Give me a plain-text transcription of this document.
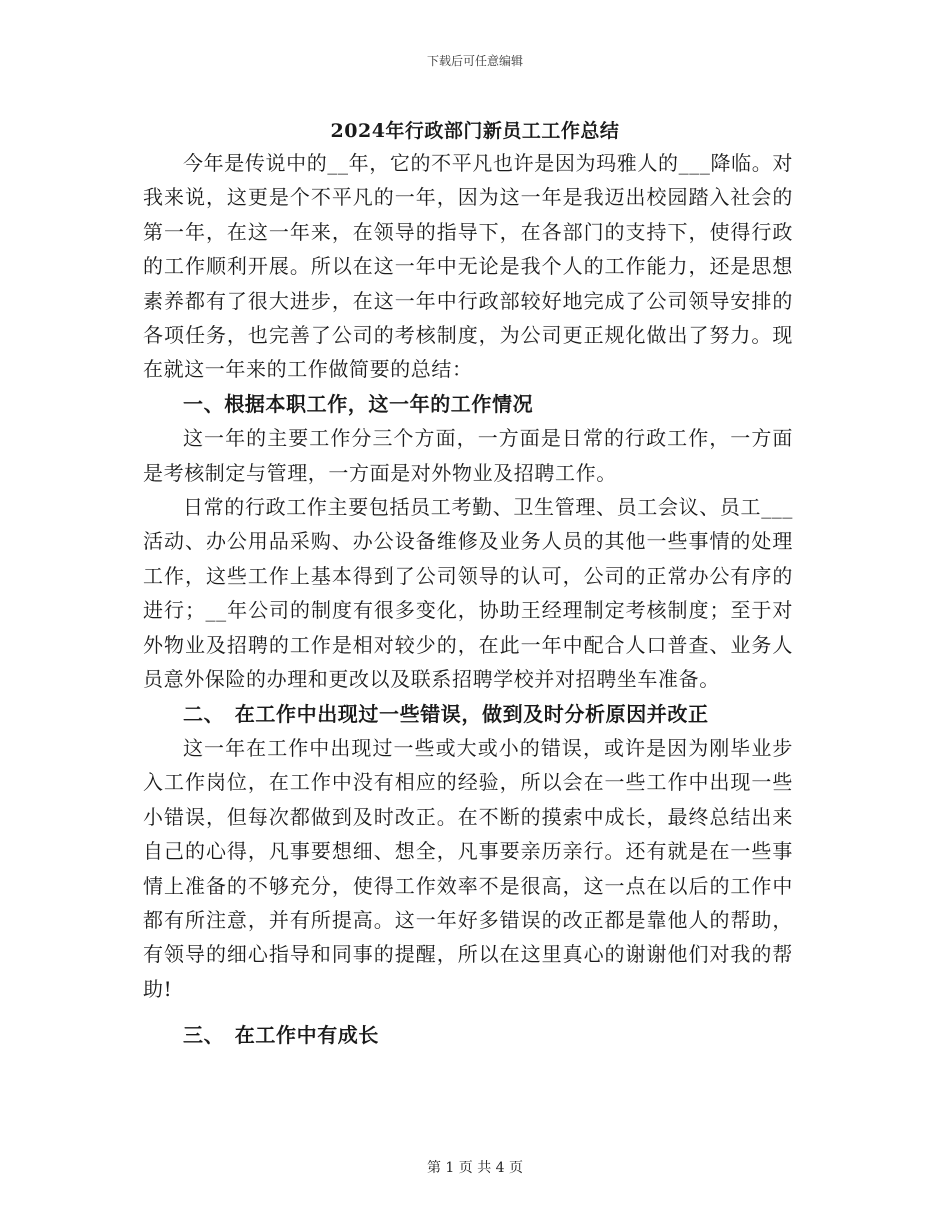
下载后可任意编辑
2024年行政部门新员工工作总结

今年是传说中的__年，它的不平凡也许是因为玛雅人的___降临。对我来说，这更是个不平凡的一年，因为这一年是我迈出校园踏入社会的第一年，在这一年来，在领导的指导下，在各部门的支持下，使得行政的工作顺利开展。所以在这一年中无论是我个人的工作能力，还是思想素养都有了很大进步，在这一年中行政部较好地完成了公司领导安排的各项任务，也完善了公司的考核制度，为公司更正规化做出了努力。现在就这一年来的工作做简要的总结：

一、根据本职工作，这一年的工作情况

这一年的主要工作分三个方面，一方面是日常的行政工作，一方面是考核制定与管理，一方面是对外物业及招聘工作。

日常的行政工作主要包括员工考勤、卫生管理、员工会议、员工___活动、办公用品采购、办公设备维修及业务人员的其他一些事情的处理工作，这些工作上基本得到了公司领导的认可，公司的正常办公有序的进行；__年公司的制度有很多变化，协助王经理制定考核制度；至于对外物业及招聘的工作是相对较少的，在此一年中配合人口普查、业务人员意外保险的办理和更改以及联系招聘学校并对招聘坐车准备。

二、　在工作中出现过一些错误，做到及时分析原因并改正

这一年在工作中出现过一些或大或小的错误，或许是因为刚毕业步入工作岗位，在工作中没有相应的经验，所以会在一些工作中出现一些小错误，但每次都做到及时改正。在不断的摸索中成长，最终总结出来自己的心得，凡事要想细、想全，凡事要亲历亲行。还有就是在一些事情上准备的不够充分，使得工作效率不是很高，这一点在以后的工作中都有所注意，并有所提高。这一年好多错误的改正都是靠他人的帮助，有领导的细心指导和同事的提醒，所以在这里真心的谢谢他们对我的帮助!

三、　在工作中有成长
第 1 页 共 4 页
